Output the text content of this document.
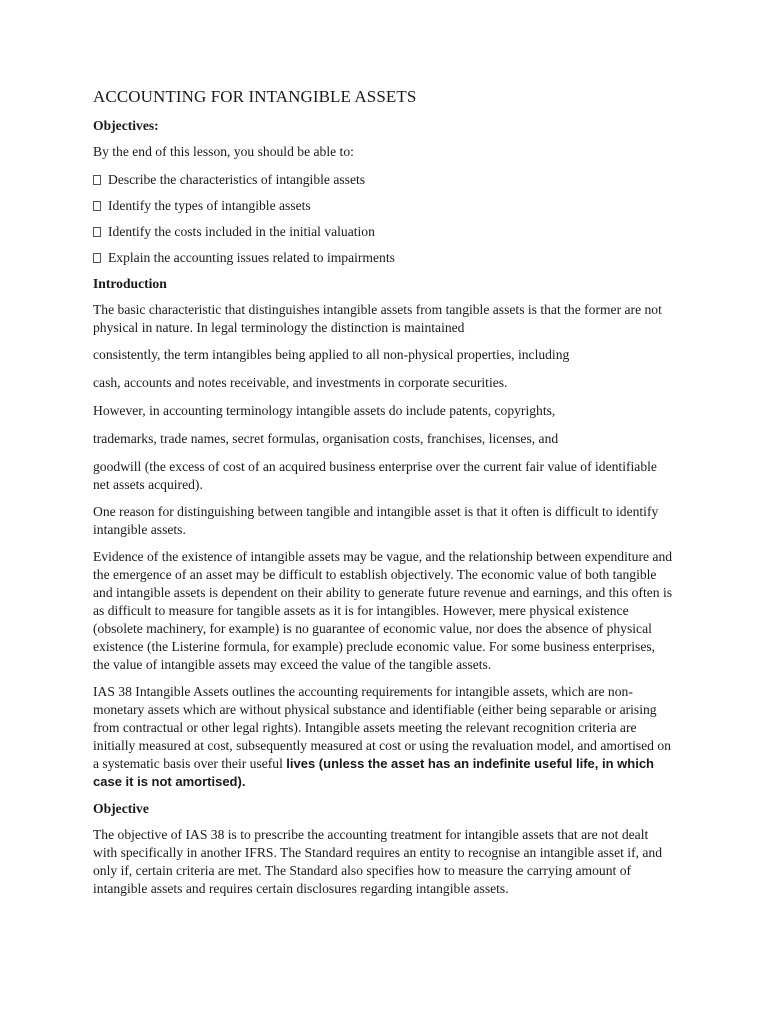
ACCOUNTING FOR INTANGIBLE ASSETS
Objectives:
By the end of this lesson, you should be able to:
Describe the characteristics of intangible assets
Identify the types of intangible assets
Identify the costs included in the initial valuation
Explain the accounting issues related to impairments
Introduction
The basic characteristic that distinguishes intangible assets from tangible assets is that the former are not physical in nature. In legal terminology the distinction is maintained
consistently, the term intangibles being applied to all non-physical properties, including
cash, accounts and notes receivable, and investments in corporate securities.
However, in accounting terminology intangible assets do include patents, copyrights,
trademarks, trade names, secret formulas, organisation costs, franchises, licenses, and
goodwill (the excess of cost of an acquired business enterprise over the current fair value of identifiable net assets acquired).
One reason for distinguishing between tangible and intangible asset is that it often is difficult to identify intangible assets.
Evidence of the existence of intangible assets may be vague, and the relationship between expenditure and the emergence of an asset may be difficult to establish objectively. The economic value of both tangible and intangible assets is dependent on their ability to generate future revenue and earnings, and this often is as difficult to measure for tangible assets as it is for intangibles. However, mere physical existence (obsolete machinery, for example) is no guarantee of economic value, nor does the absence of physical existence (the Listerine formula, for example) preclude economic value. For some business enterprises, the value of intangible assets may exceed the value of the tangible assets.
IAS 38 Intangible Assets outlines the accounting requirements for intangible assets, which are non-monetary assets which are without physical substance and identifiable (either being separable or arising from contractual or other legal rights). Intangible assets meeting the relevant recognition criteria are initially measured at cost, subsequently measured at cost or using the revaluation model, and amortised on a systematic basis over their useful lives (unless the asset has an indefinite useful life, in which case it is not amortised).
Objective
The objective of IAS 38 is to prescribe the accounting treatment for intangible assets that are not dealt with specifically in another IFRS. The Standard requires an entity to recognise an intangible asset if, and only if, certain criteria are met. The Standard also specifies how to measure the carrying amount of intangible assets and requires certain disclosures regarding intangible assets.
